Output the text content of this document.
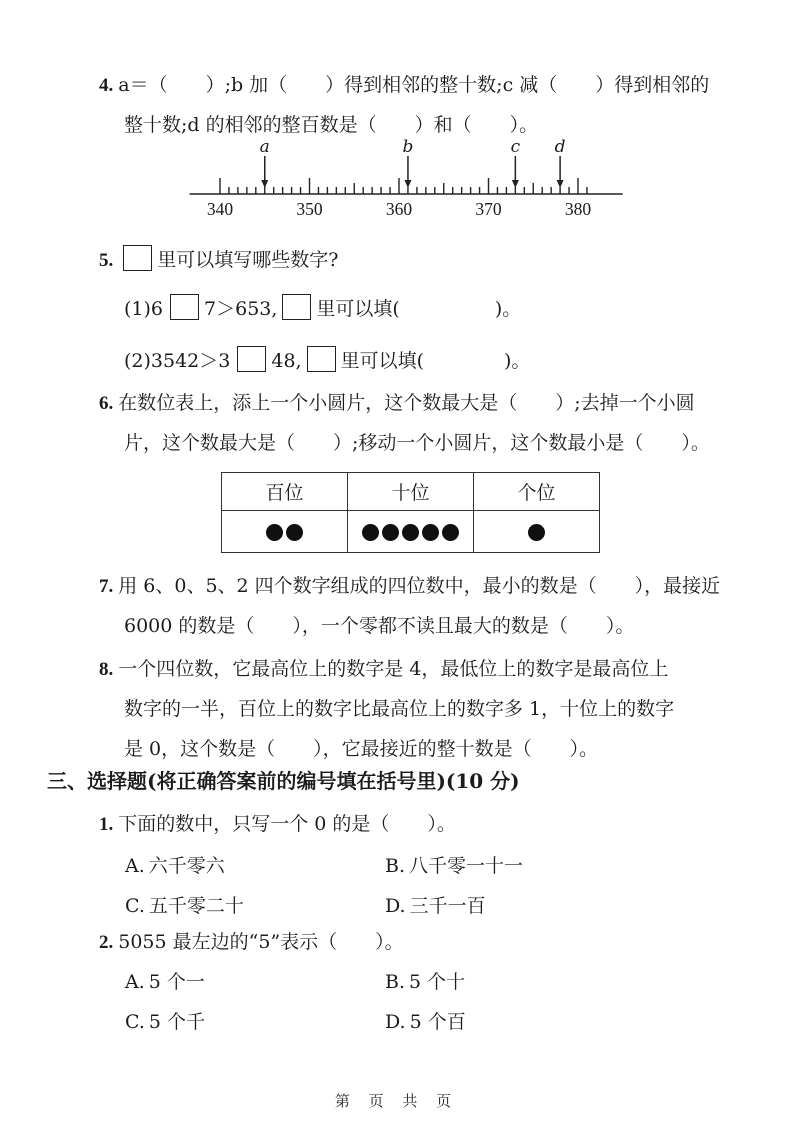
4. a＝（　　）;b 加（　　）得到相邻的整十数;c 减（　　）得到相邻的
整十数;d 的相邻的整百数是（　　）和（　　）。
340	350	360	370	380
a	b	c d
5. 里可以填写哪些数字?
(1)6 7＞653, 里可以填(	)。
(2)3542＞3 48, 里可以填(	)。
6. 在数位表上，添上一个小圆片，这个数最大是（　　）;去掉一个小圆
片，这个数最大是（　　）;移动一个小圆片，这个数最小是（　　）。
百位	十位	个位

7. 用 6、0、5、2 四个数字组成的四位数中，最小的数是（　　），最接近
6000 的数是（　　），一个零都不读且最大的数是（　　）。
8. 一个四位数，它最高位上的数字是 4，最低位上的数字是最高位上
数字的一半，百位上的数字比最高位上的数字多 1，十位上的数字
是 0，这个数是（　　），它最接近的整十数是（　　）。
三、选择题(将正确答案前的编号填在括号里)(10 分)
1. 下面的数中，只写一个 0 的是（　　）。
A. 六千零六	B. 八千零一十一
C. 五千零二十	D. 三千一百
2. 5055 最左边的“5”表示（　　）。
A. 5 个一	B. 5 个十
C. 5 个千	D. 5 个百
第 页 共 页
